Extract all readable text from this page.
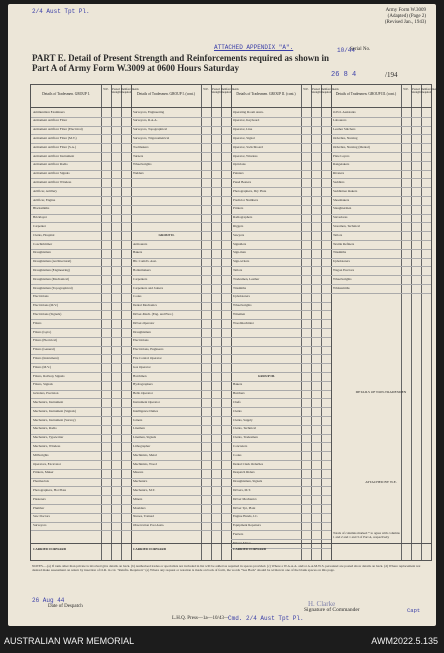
2/4 Aust Tpt Pl.	Army Form W.3009
(Adapted) (Page 2)
(Revised Jan., 1943)
ATTACHED APPENDIX "A".	10/44
Serial No.
PART E. Detail of Present Strength and Reinforcements required as shown in
Part A of Army Form W.3009 at 0600 Hours Saturday
26 8 4	/194
Details of Tradesmen. GROUP I.
W.E.	Posted Strength
Reinforcements Required
Ammunition Examiners
Armament Artificer Fitter
Armament Artificer Fitter (Electrical)
Armament Artificer Fitter (M.V.)
Armament Artificer Fitter (S.A.)
Armament Artificer Instrument
Armament Artificer Radio
Armament Artificer Signals
Armament Artificer Wireless
Artificer, Artillery
Artificer, Engine
Blacksmiths
Bricklayer
Carpenter
Clerks, Hospital
Coachtrimmer
Draughtsman
Draughtsman (Architectural)
Draughtsman (Engineering)
Draughtsman (Mechanical)
Draughtsman (Topographical)
Electricians
Electricians (M.V.)
Electricians (Signals)
Fitters
Fitters (Gyro)
Fitters (Electrical)
Fitters (General)
Fitters (Instrument)
Fitters (M.V.)
Fitters, Railway Signals
Fitters, Signals
Grinders, Precision
Mechanics, Instrument
Mechanics, Instrument (Signals)
Mechanics, Instrument (Survey)
Mechanics, Radio
Mechanics, Typewriter
Mechanics, Wireless
Millwrights
Operators, Excavator
Printers, Maker
Pharmacists
Photographers, Hot Plate
Plasterers
Plumber
Saw Doctors
Surveyors
CARRIED FORWARD
Details of Tradesmen. GROUP I. (cont.)
W.E.	Posted Strength
Reinforcements Required
Surveyors, Engineering
Surveyors, R.A.A.
Surveyors, Topographical
Surveyors, Trigonometrical
Toolmakers
Turners
Wheelwrights
Welders
GROUP II.
Armourers
Bakers
Blr. Comd's. Asst.
Boilermakers
Carpenters
Carpenters and Joiners
Cooks
Dental Mechanics
Driver-Mech. (Eng. and Elec.)
Driver-Operator
Draughtsmen
Electricians
Electricians, Engineers
Fire Control Operator
Gas Operator
Hatchmen
Hydrographers
Hello Operator
Instrument Operator
Intelligence Duties
Joiners
Linemen
Linemen, Signals
Lithographer
Machinists, Metal
Machinists, Wood
Masons
Mechanics
Mechanics, M.T.
Miners
Moulders
Nurses, Trained
Observation Post Assts.
CARRIED FORWARD
Details of Tradesmen. GROUP II. (cont.)
W.E.	Posted Strength
Reinforcements Required
Operating Room Assts.
Operator, Keyboard
Operator, Line
Operator, Signal
Operator, Switchboard
Operator, Wireless
Opticians
Painters
Panel Beaters
Photographers, Dry Plate
Predictor Numbers
Printers
Radiographers
Riggers
Sawyers
Signallers
Sign-men
Sign-writers
Tailors
Tradesmen, Leather
Tinsmiths
Upholsterers
Wheelwrights
Wiremen
Woodmachinist
GROUP III.
Bakers
Butchers
Chefs
Clerks
Clerks, Supply
Clerks, Technical
Clerks, Tradesmen
Concreters
Cooks
Dental Clerk Orderlies
Despatch Riders
Draughtsmen, Signals
Drivers, M.T.
Driver Mechanics
Driver Tpt, Plant
Engine Hands, I.C.
Equipment Repairers
Farriers
Fitters' Mates
CARRIED FORWARD
Details of Tradesmen. GROUP III. (cont.)
W.E.	Posted Strength
Reinforcements Required
O.P.O. Assistants
Labourers
Leather Stitchers
Orderlies, Nursing
Orderlies, Nursing (Mental)
Plate Layers
Rangetakers
Riveters
Saddlers
Saddletree makers
Shoemakers
Slaughtermen
Stevedores
Storemen, Technical
Tailors
Textile Refiners
Tinsmiths
Upholsterers
Wagon Erectors
Wheelwrights
Whitesmiths
Totals of columns marked * to agree with columns 1 and 2 and 1 and 3 of Part A, respectively
DETAILS OF NON-TRADESMEN
ATTACHED BY W.E.
NOTES.—(a) If rank other than private is involved give details on back. (b) Authorised trades or specialists not included in list will be added as required in spaces provided. (c) Where a W.A.A.A. and/or A.A.M.W.S. personnel are posted show details on back. (d) Where replacement not desired make assessment on return by insertion of O.R. in col. "Reinfts. Required." (e) Where any request or notation is made on back of form, the words "See Back" should be written in one of the blank spaces on this page.
26 Aug 44
Date of Despatch
L.H.Q. Press—1a—10/43— Cmd. 2/4 Aust Tpt Pl.
H. Clarke
Signature of Commander	Capt
AUSTRALIAN WAR MEMORIAL	AWM2022.5.135
